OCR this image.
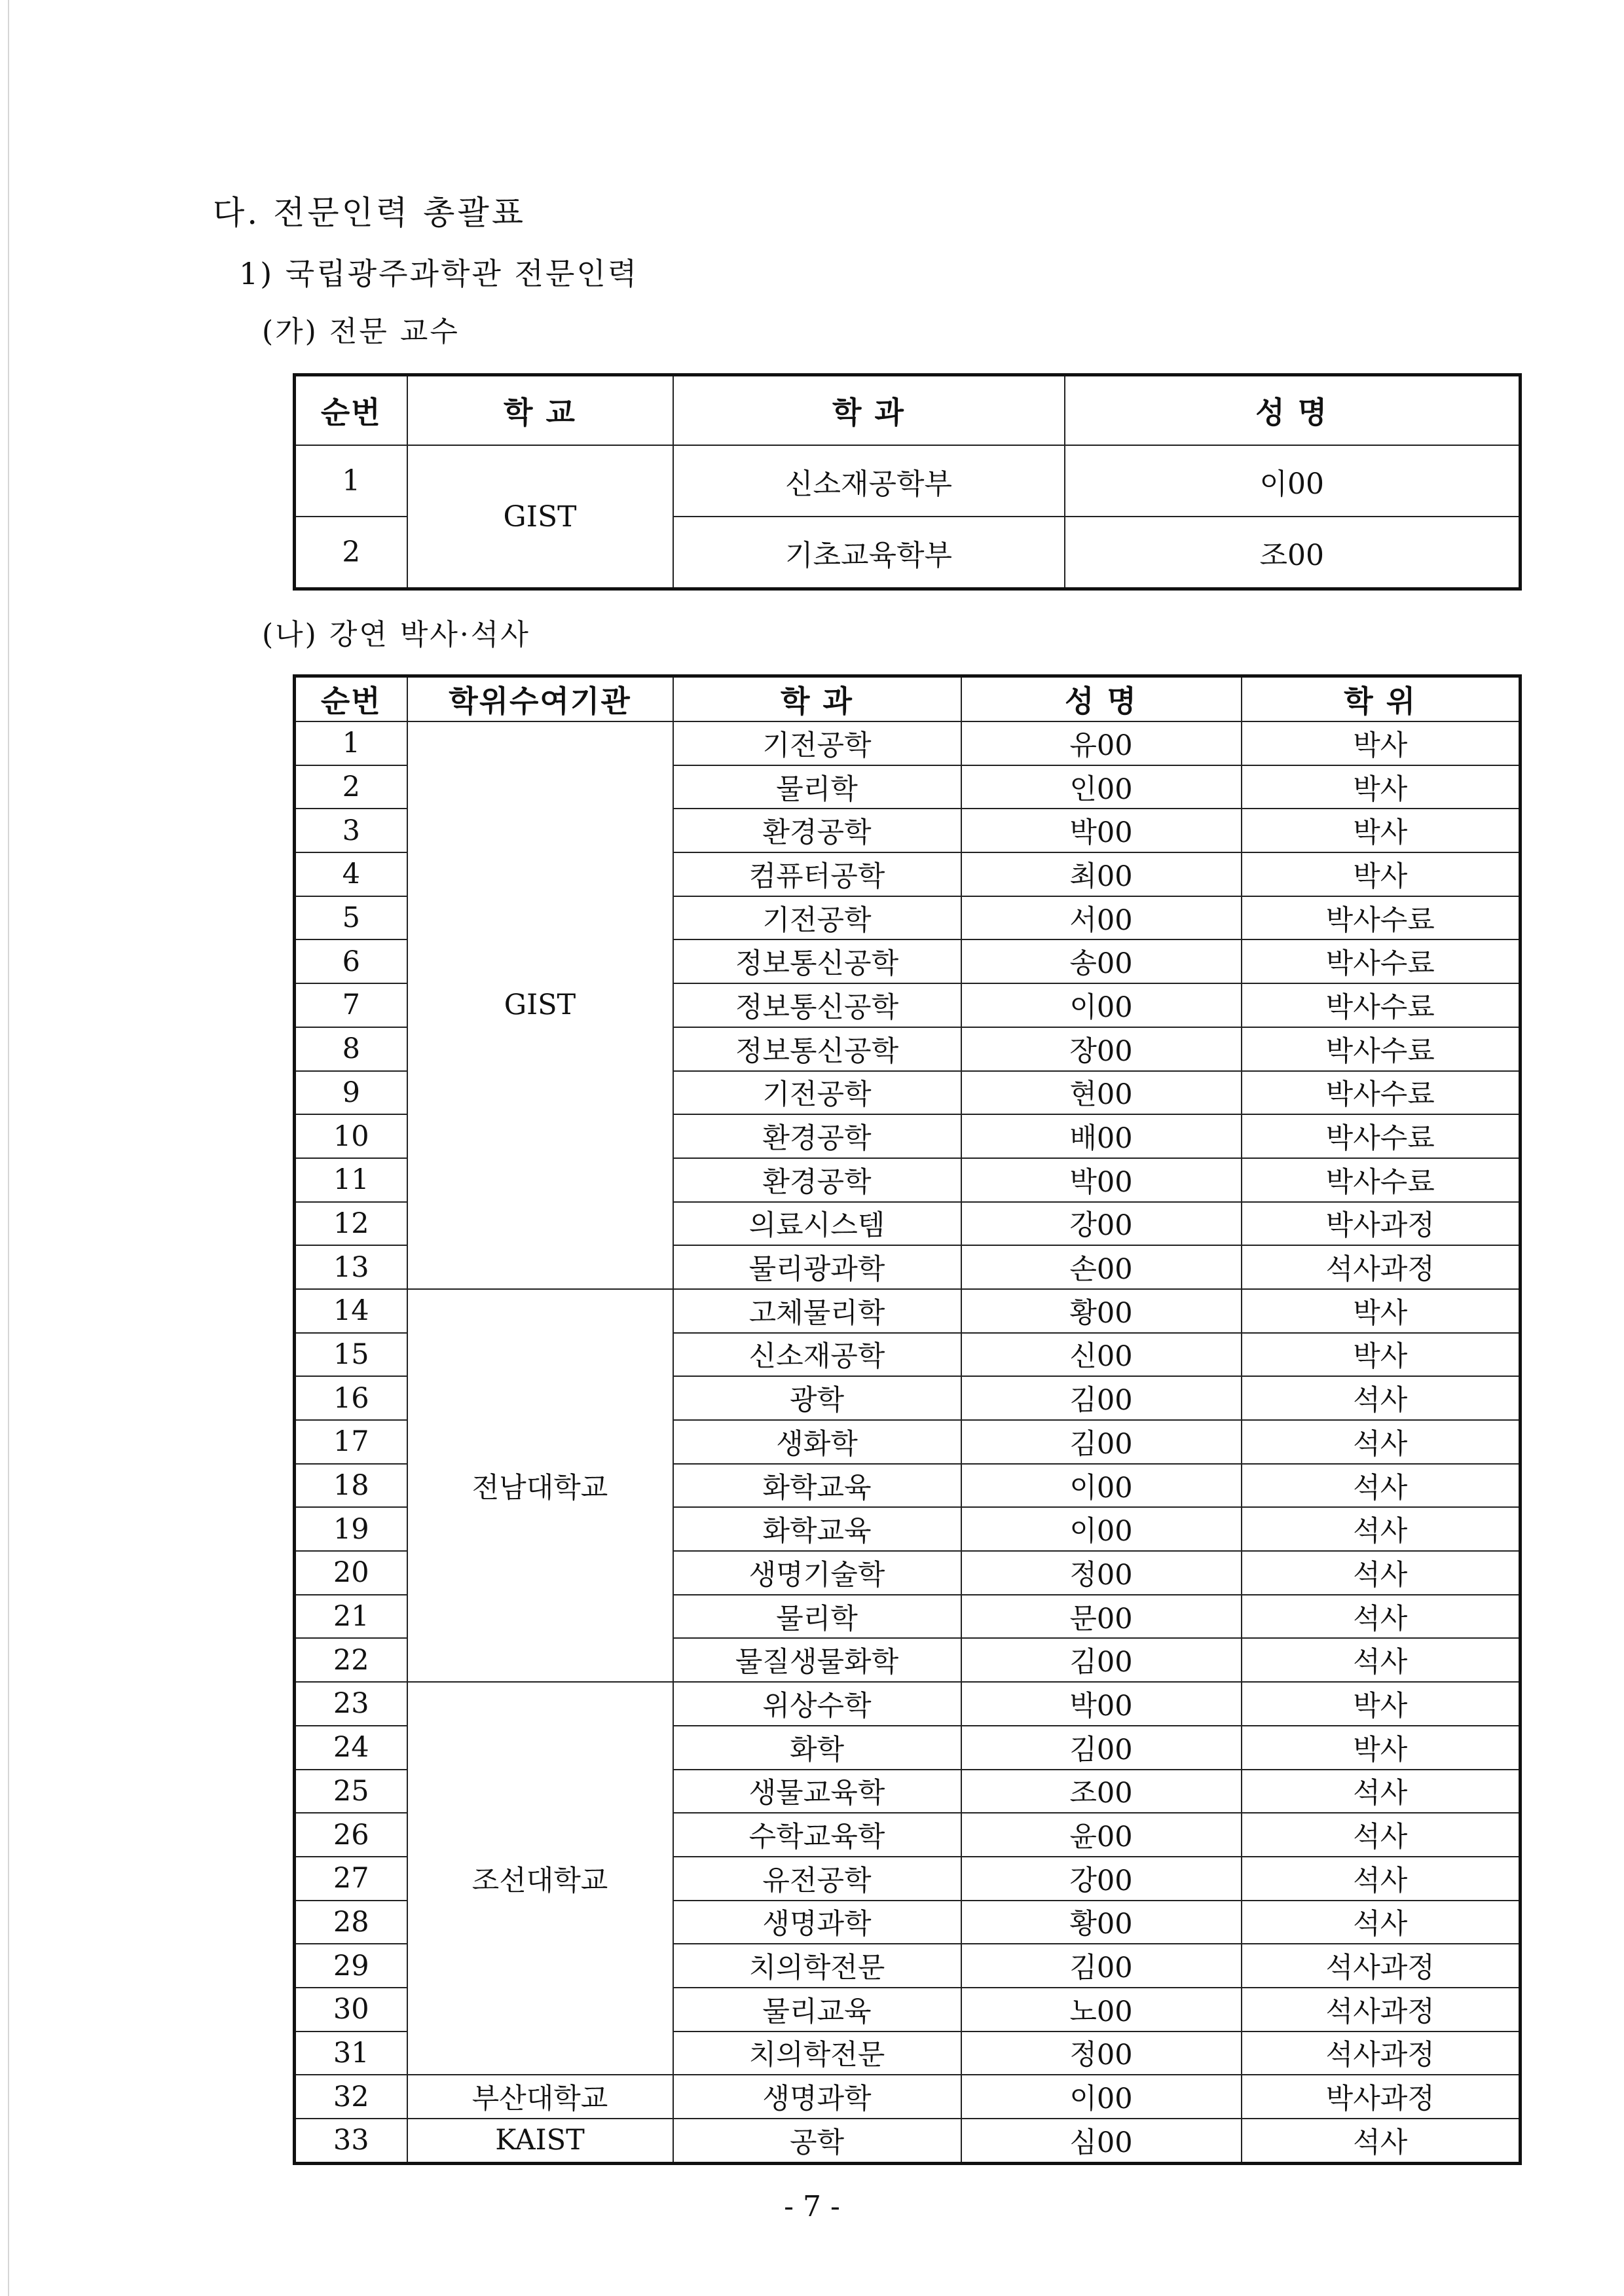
다. 전문인력 총괄표
1) 국립광주과학관 전문인력
(가) 전문 교수
순번	학 교	학 과	성 명
1	GIST	신소재공학부	이00
2		기초교육학부	조00
(나) 강연 박사·석사
순번	학위수여기관	학 과	성 명	학 위
1	GIST	기전공학	유00	박사
2		물리학	인00	박사
3		환경공학	박00	박사
4		컴퓨터공학	최00	박사
5		기전공학	서00	박사수료
6		정보통신공학	송00	박사수료
7		정보통신공학	이00	박사수료
8		정보통신공학	장00	박사수료
9		기전공학	현00	박사수료
10		환경공학	배00	박사수료
11		환경공학	박00	박사수료
12		의료시스템	강00	박사과정
13		물리광과학	손00	석사과정
14	전남대학교	고체물리학	황00	박사
15		신소재공학	신00	박사
16		광학	김00	석사
17		생화학	김00	석사
18		화학교육	이00	석사
19		화학교육	이00	석사
20		생명기술학	정00	석사
21		물리학	문00	석사
22		물질생물화학	김00	석사
23	조선대학교	위상수학	박00	박사
24		화학	김00	박사
25		생물교육학	조00	석사
26		수학교육학	윤00	석사
27		유전공학	강00	석사
28		생명과학	황00	석사
29		치의학전문	김00	석사과정
30		물리교육	노00	석사과정
31		치의학전문	정00	석사과정
32	부산대학교	생명과학	이00	박사과정
33	KAIST	공학	심00	석사
- 7 -
